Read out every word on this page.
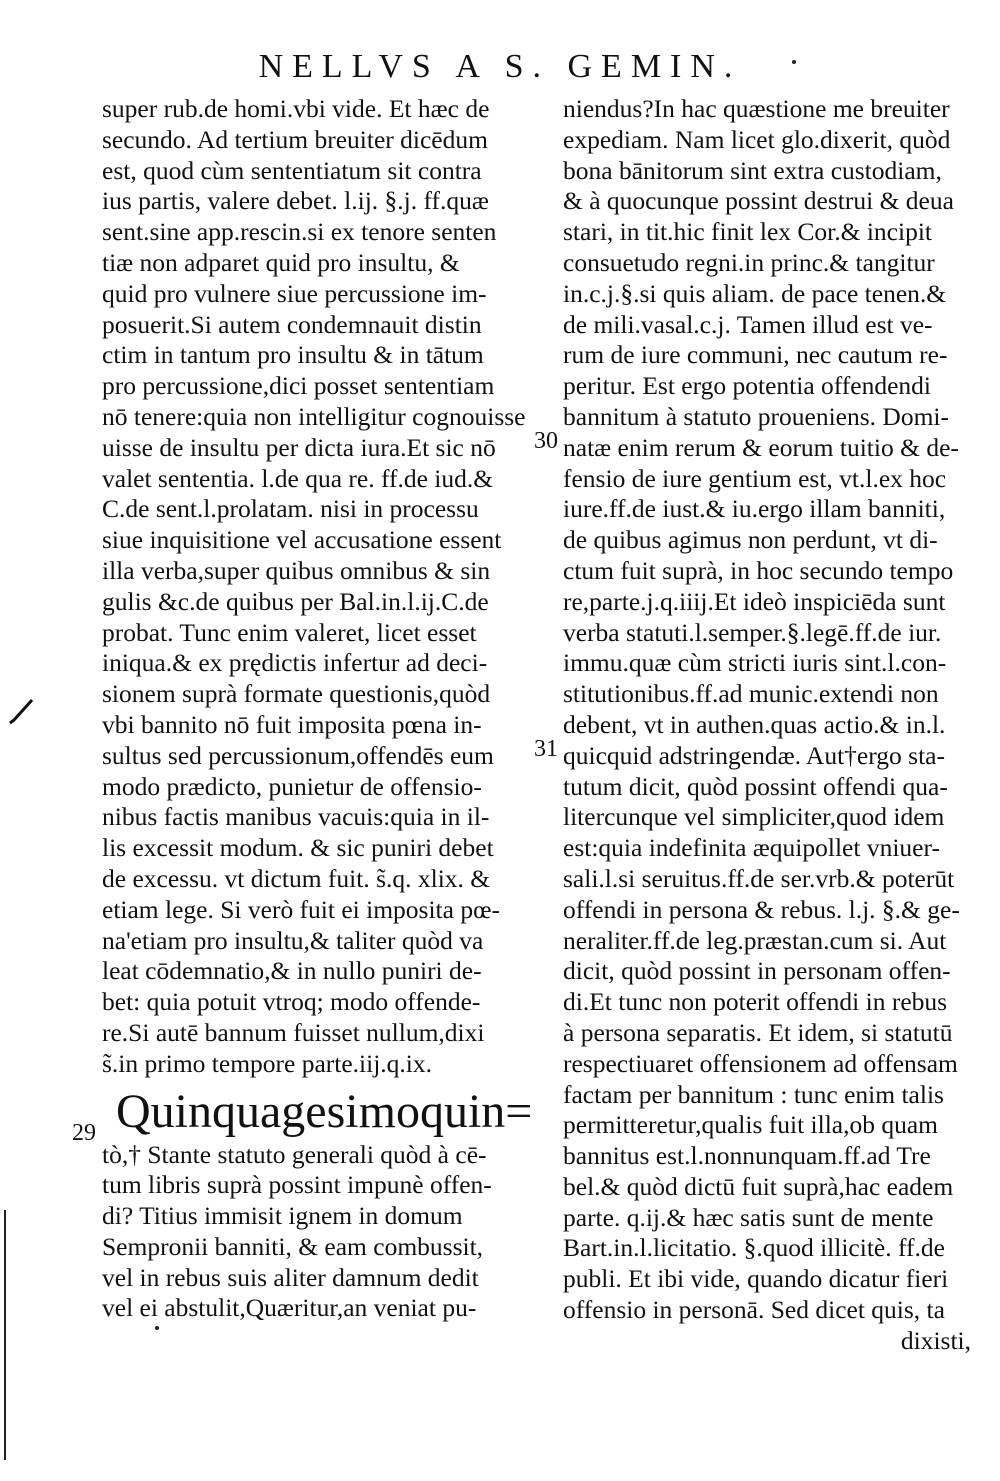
NELLVS A S. GEMIN.
super rub.de homi.vbi vide. Et hæc de
secundo. Ad tertium breuiter dicēdum
est, quod cùm sententiatum sit contra
ius partis, valere debet. l.ij. §.j. ff.quæ
sent.sine app.rescin.si ex tenore senten
tiæ non adparet quid pro insultu, &
quid pro vulnere siue percussione im-
posuerit.Si autem condemnauit distin
ctim in tantum pro insultu & in tātum
pro percussione,dici posset sententiam
nō tenere:quia non intelligitur cognouisse
uisse de insultu per dicta iura.Et sic nō
valet sententia. l.de qua re. ff.de iud.&
C.de sent.l.prolatam. nisi in processu
siue inquisitione vel accusatione essent
illa verba,super quibus omnibus & sin
gulis &c.de quibus per Bal.in.l.ij.C.de
probat. Tunc enim valeret, licet esset
iniqua.& ex prędictis infertur ad deci-
sionem suprà formate questionis,quòd
vbi bannito nō fuit imposita pœna in-
sultus sed percussionum,offendēs eum
modo prædicto, punietur de offensio-
nibus factis manibus vacuis:quia in il-
lis excessit modum. & sic puniri debet
de excessu. vt dictum fuit. s̃.q. xlix. &
etiam lege. Si verò fuit ei imposita pœ-
na'etiam pro insultu,& taliter quòd va
leat cōdemnatio,& in nullo puniri de-
bet: quia potuit vtroq; modo offende-
re.Si autē bannum fuisset nullum,dixi
s̃.in primo tempore parte.iij.q.ix.
Quinquagesimoquin=
tò,† Stante statuto generali quòd à cē-
tum libris suprà possint impunè offen-
di? Titius immisit ignem in domum
Sempronii banniti, & eam combussit,
vel in rebus suis aliter damnum dedit
vel ei abstulit,Quæritur,an veniat pu-
niendus?In hac quæstione me breuiter
expediam. Nam licet glo.dixerit, quòd
bona bānitorum sint extra custodiam,
& à quocunque possint destrui & deua
stari, in tit.hic finit lex Cor.& incipit
consuetudo regni.in princ.& tangitur
in.c.j.§.si quis aliam. de pace tenen.&
de mili.vasal.c.j. Tamen illud est ve-
rum de iure communi, nec cautum re-
peritur. Est ergo potentia offendendi
bannitum à statuto proueniens. Domi-
natæ enim rerum & eorum tuitio & de-
fensio de iure gentium est, vt.l.ex hoc
iure.ff.de iust.& iu.ergo illam banniti,
de quibus agimus non perdunt, vt di-
ctum fuit suprà, in hoc secundo tempo
re,parte.j.q.iiij.Et ideò inspiciēda sunt
verba statuti.l.semper.§.legē.ff.de iur.
immu.quæ cùm stricti iuris sint.l.con-
stitutionibus.ff.ad munic.extendi non
debent, vt in authen.quas actio.& in.l.
quicquid adstringendæ. Aut†ergo sta-
tutum dicit, quòd possint offendi qua-
litercunque vel simpliciter,quod idem
est:quia indefinita æquipollet vniuer-
sali.l.si seruitus.ff.de ser.vrb.& poterūt
offendi in persona & rebus. l.j. §.& ge-
neraliter.ff.de leg.præstan.cum si. Aut
dicit, quòd possint in personam offen-
di.Et tunc non poterit offendi in rebus
à persona separatis. Et idem, si statutū
respectiuaret offensionem ad offensam
factam per bannitum : tunc enim talis
permitteretur,qualis fuit illa,ob quam
bannitus est.l.nonnunquam.ff.ad Tre
bel.& quòd dictū fuit suprà,hac eadem
parte. q.ij.& hæc satis sunt de mente
Bart.in.l.licitatio. §.quod illicitè. ff.de
publi. Et ibi vide, quando dicatur fieri
offensio in personā. Sed dicet quis, ta
dixisti,
30
31
29
